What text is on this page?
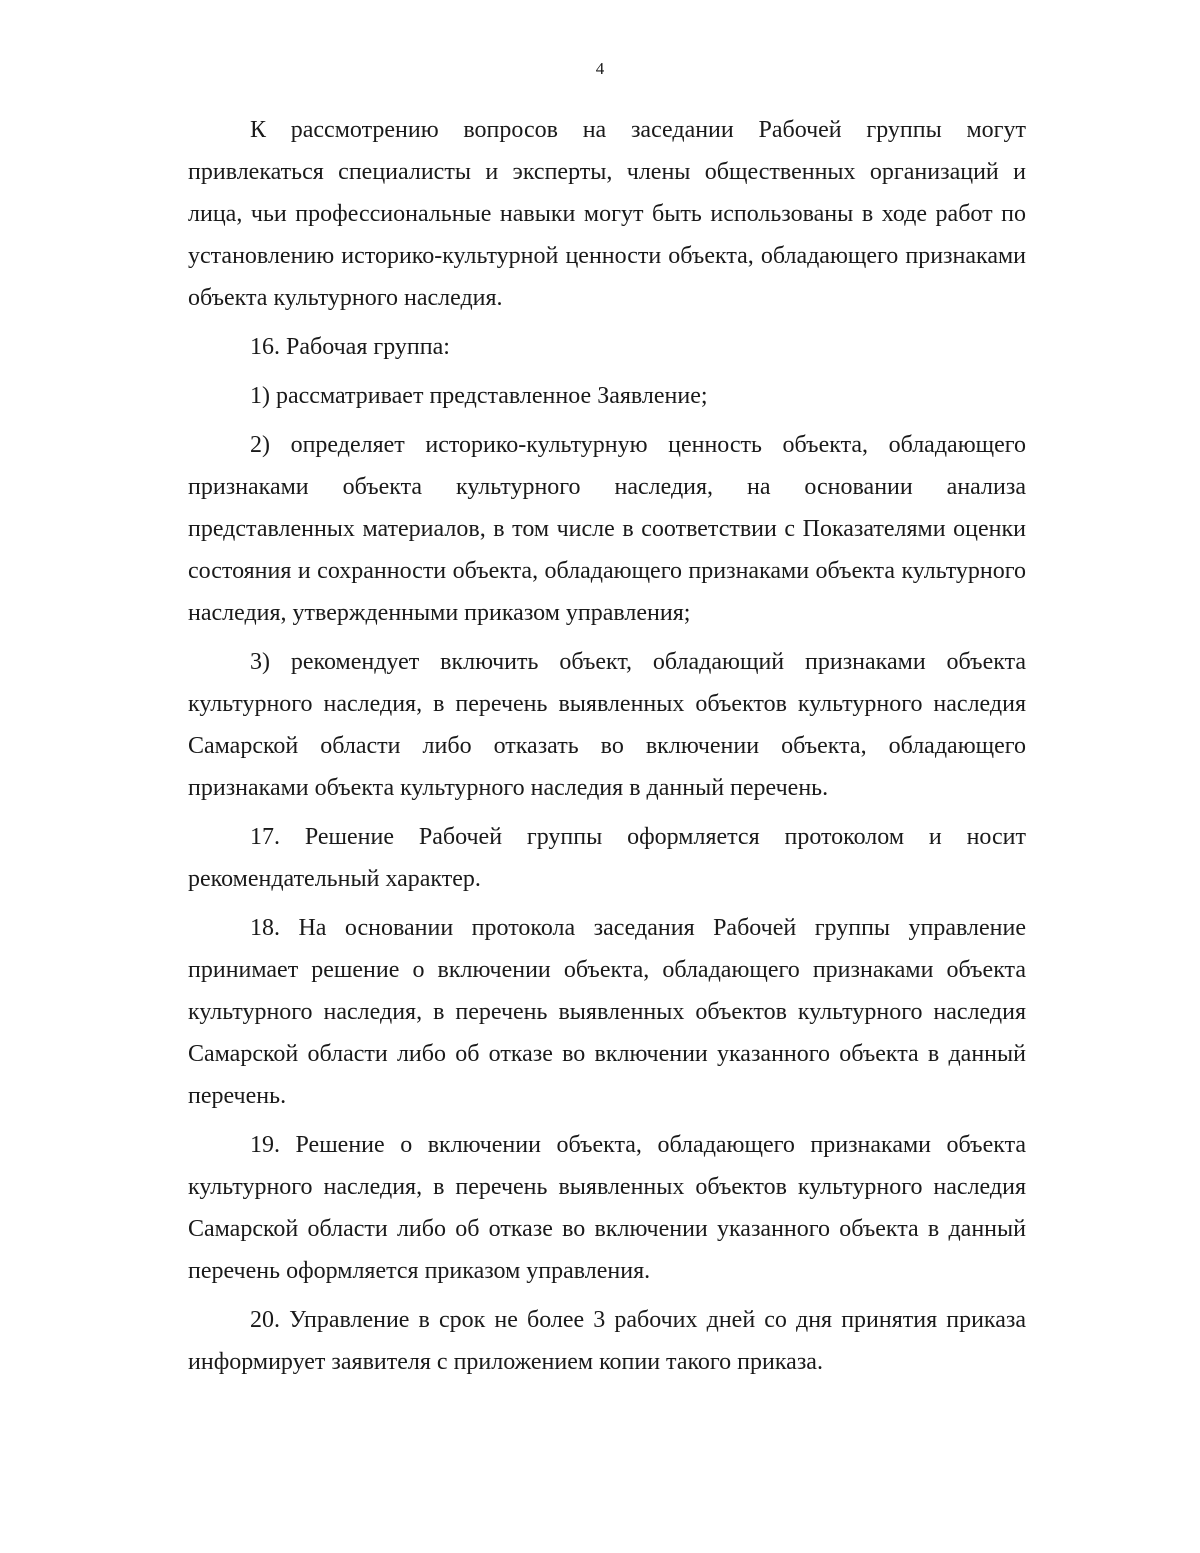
4

К рассмотрению вопросов на заседании Рабочей группы могут привлекаться специалисты и эксперты, члены общественных организаций и лица, чьи профессиональные навыки могут быть использованы в ходе работ по установлению историко-культурной ценности объекта, обладающего признаками объекта культурного наследия.

16. Рабочая группа:

1) рассматривает представленное Заявление;

2) определяет историко-культурную ценность объекта, обладающего признаками объекта культурного наследия, на основании анализа представленных материалов, в том числе в соответствии с Показателями оценки состояния и сохранности объекта, обладающего признаками объекта культурного наследия, утвержденными приказом управления;

3) рекомендует включить объект, обладающий признаками объекта культурного наследия, в перечень выявленных объектов культурного наследия Самарской области либо отказать во включении объекта, обладающего признаками объекта культурного наследия в данный перечень.

17. Решение Рабочей группы оформляется протоколом и носит рекомендательный характер.

18. На основании протокола заседания Рабочей группы управление принимает решение о включении объекта, обладающего признаками объекта культурного наследия, в перечень выявленных объектов культурного наследия Самарской области либо об отказе во включении указанного объекта в данный перечень.

19. Решение о включении объекта, обладающего признаками объекта культурного наследия, в перечень выявленных объектов культурного наследия Самарской области либо об отказе во включении указанного объекта в данный перечень оформляется приказом управления.

20. Управление в срок не более 3 рабочих дней со дня принятия приказа информирует заявителя с приложением копии такого приказа.
